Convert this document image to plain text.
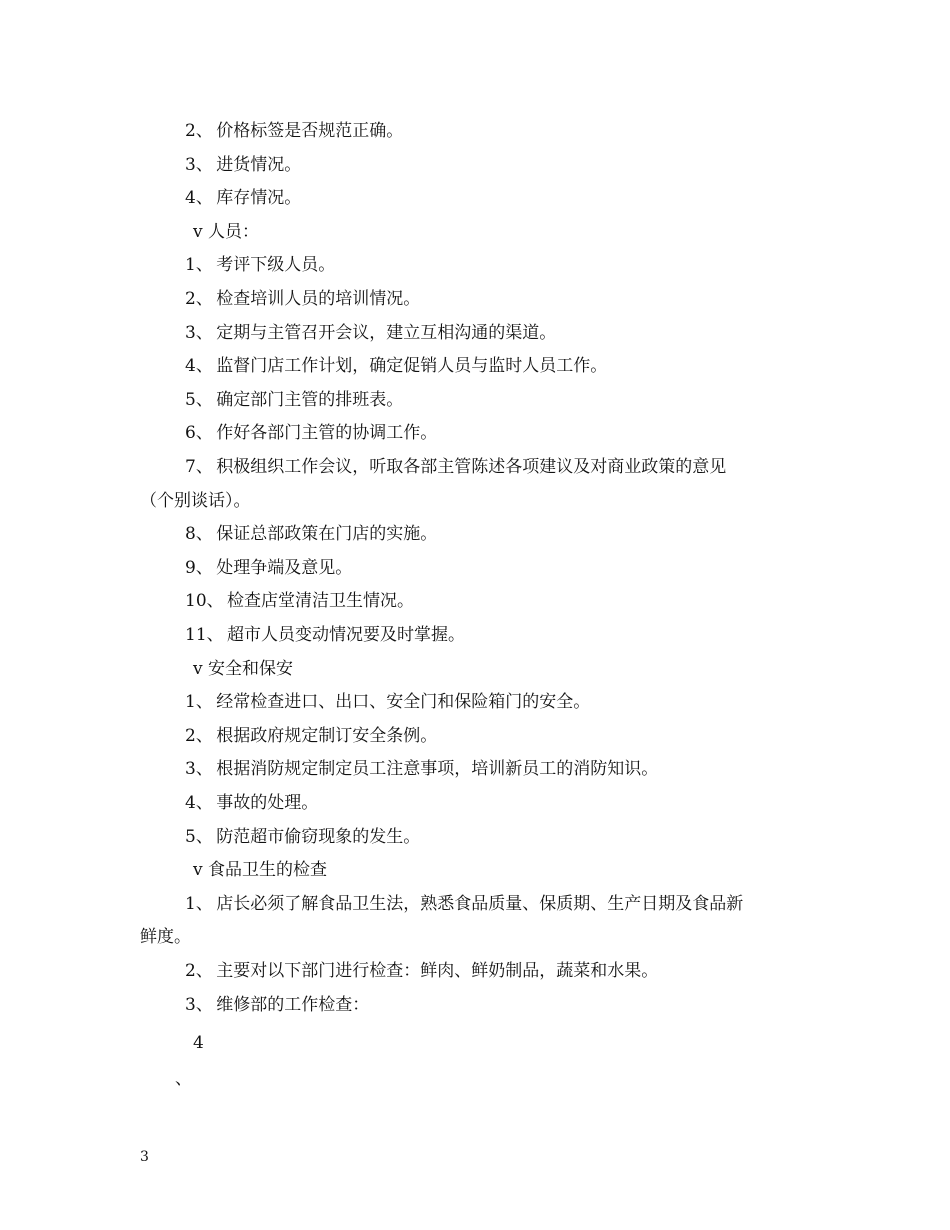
2、 价格标签是否规范正确。
3、 进货情况。
4、 库存情况。
v 人员：
1、 考评下级人员。
2、 检查培训人员的培训情况。
3、 定期与主管召开会议，建立互相沟通的渠道。
4、 监督门店工作计划，确定促销人员与监时人员工作。
5、 确定部门主管的排班表。
6、 作好各部门主管的协调工作。
7、 积极组织工作会议，听取各部主管陈述各项建议及对商业政策的意见
（个别谈话）。
8、 保证总部政策在门店的实施。
9、 处理争端及意见。
10、 检查店堂清洁卫生情况。
11、 超市人员变动情况要及时掌握。
v 安全和保安
1、 经常检查进口、出口、安全门和保险箱门的安全。
2、 根据政府规定制订安全条例。
3、 根据消防规定制定员工注意事项，培训新员工的消防知识。
4、 事故的处理。
5、 防范超市偷窃现象的发生。
v 食品卫生的检查
1、 店长必须了解食品卫生法，熟悉食品质量、保质期、生产日期及食品新
鲜度。
2、 主要对以下部门进行检查：鲜肉、鲜奶制品，蔬菜和水果。
3、 维修部的工作检查：
4
、
3
